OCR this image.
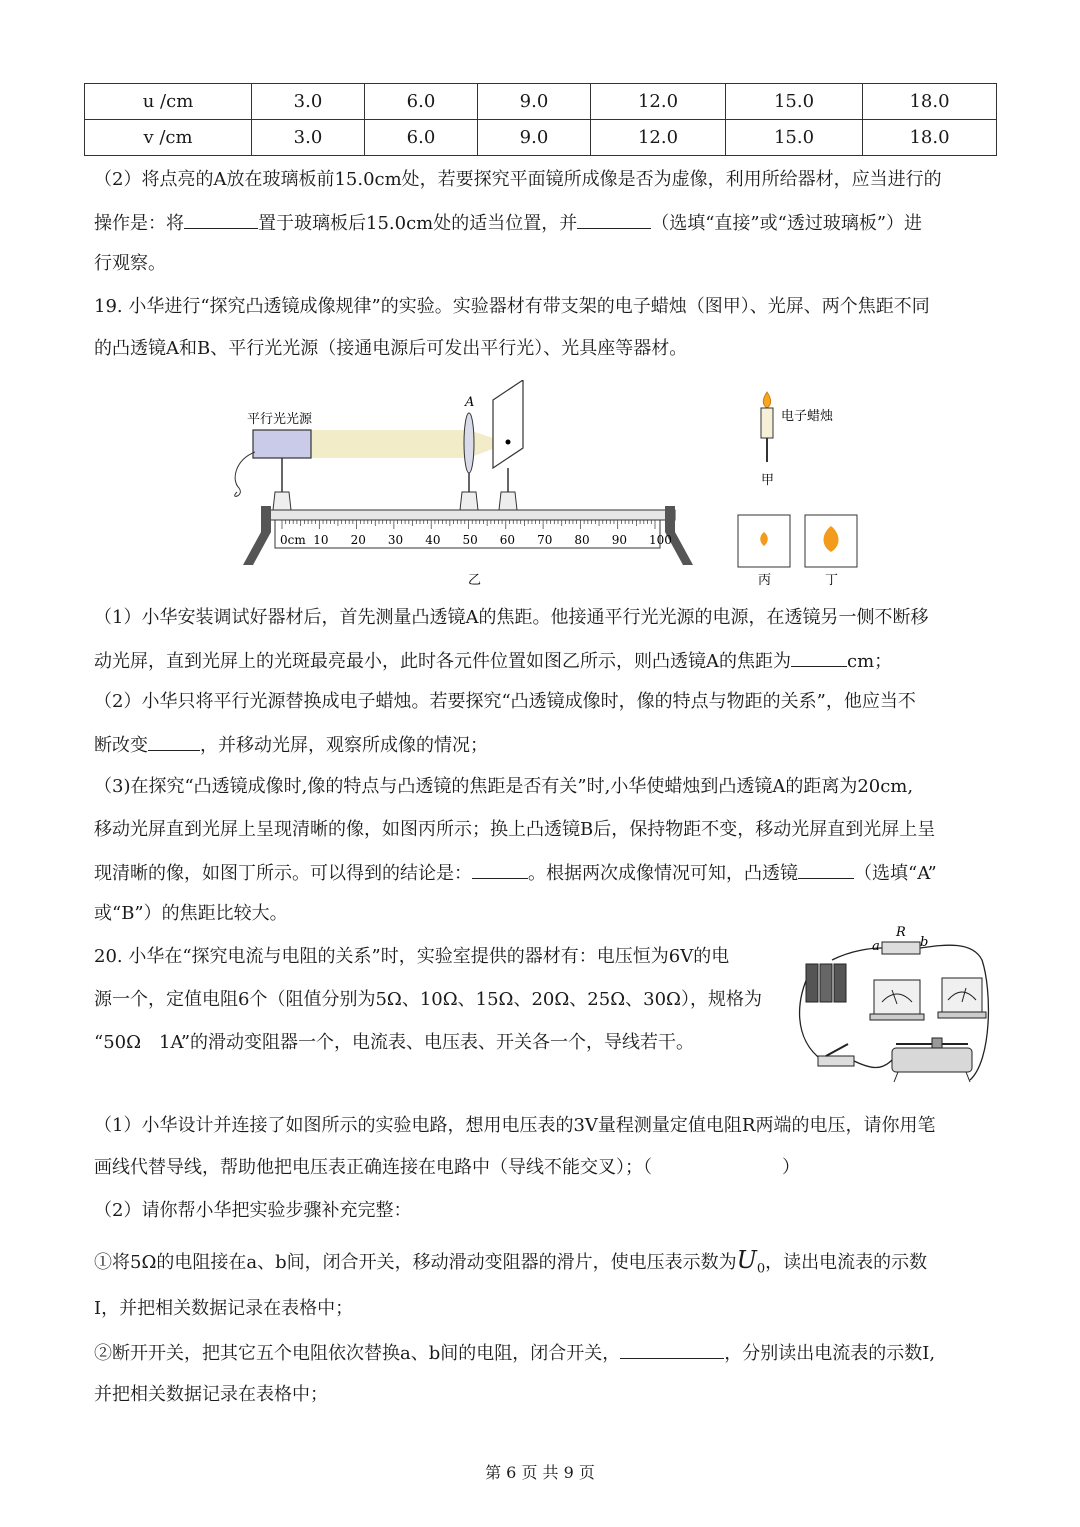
u /cm	3.0	6.0	9.0	12.0	15.0	18.0
v /cm	3.0	6.0	9.0	12.0	15.0	18.0
（2）将点亮的A放在玻璃板前15.0cm处，若要探究平面镜所成像是否为虚像，利用所给器材，应当进行的
操作是：将	置于玻璃板后15.0cm处的适当位置，并	（选填“直接”或“透过玻璃板”）进
行观察。
19. 小华进行“探究凸透镜成像规律”的实验。实验器材有带支架的电子蜡烛（图甲）、光屏、两个焦距不同
的凸透镜A和B、平行光光源（接通电源后可发出平行光）、光具座等器材。
平行光光源
A
0cm 10 20 30 40 50 60 70 80 90 100
乙
电子蜡烛
甲
丙	丁
（1）小华安装调试好器材后，首先测量凸透镜A的焦距。他接通平行光光源的电源，在透镜另一侧不断移
动光屏，直到光屏上的光斑最亮最小，此时各元件位置如图乙所示，则凸透镜A的焦距为	cm；
（2）小华只将平行光源替换成电子蜡烛。若要探究“凸透镜成像时，像的特点与物距的关系”，他应当不
断改变	，并移动光屏，观察所成像的情况；
（3)在探究“凸透镜成像时,像的特点与凸透镜的焦距是否有关”时,小华使蜡烛到凸透镜A的距离为20cm,
移动光屏直到光屏上呈现清晰的像，如图丙所示；换上凸透镜B后，保持物距不变，移动光屏直到光屏上呈
现清晰的像，如图丁所示。可以得到的结论是：	。根据两次成像情况可知，凸透镜	（选填“A”
或“B”）的焦距比较大。
20. 小华在“探究电流与电阻的关系”时，实验室提供的器材有：电压恒为6V的电
源一个，定值电阻6个（阻值分别为5Ω、10Ω、15Ω、20Ω、25Ω、30Ω），规格为
“50Ω　1A”的滑动变阻器一个，电流表、电压表、开关各一个，导线若干。
R
a	b
（1）小华设计并连接了如图所示的实验电路，想用电压表的3V量程测量定值电阻R两端的电压，请你用笔
画线代替导线，帮助他把电压表正确连接在电路中（导线不能交叉）；（	）
（2）请你帮小华把实验步骤补充完整：
①将5Ω的电阻接在a、b间，闭合开关，移动滑动变阻器的滑片，使电压表示数为$U_0$，读出电流表的示数
I，并把相关数据记录在表格中；
②断开开关，把其它五个电阻依次替换a、b间的电阻，闭合开关，	，分别读出电流表的示数I,
并把相关数据记录在表格中；
第 6 页 共 9 页
